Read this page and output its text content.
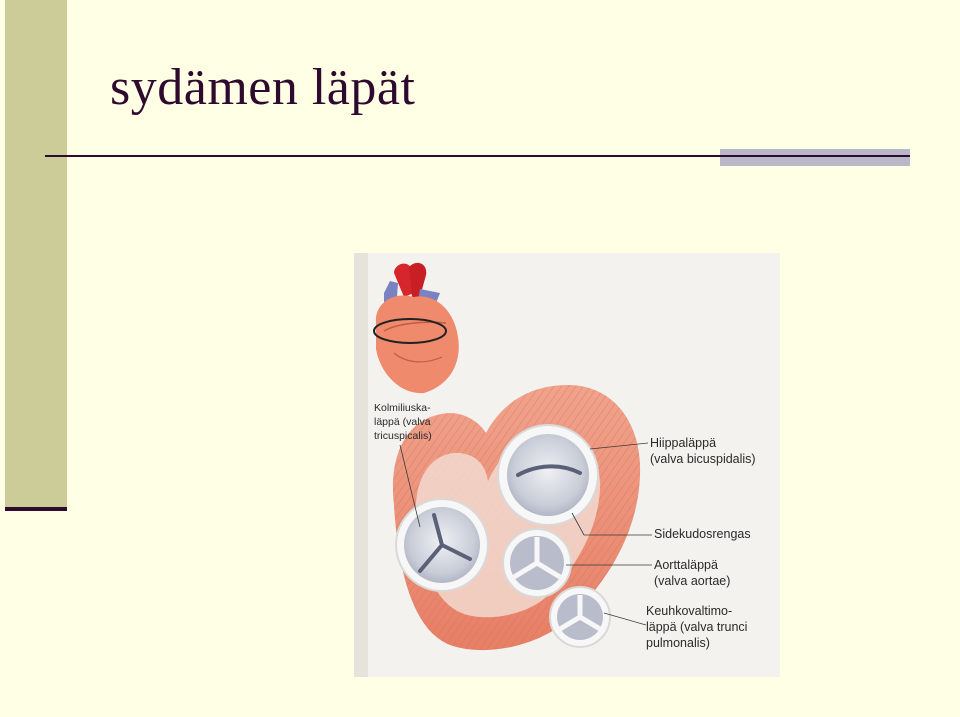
sydämen läpät
Kolmiliuska-
läppä (valva
tricuspicalis)	Hiippaläppä
(valva bicuspidalis)
Sidekudosrengas
Aorttaläppä
(valva aortae)
Keuhkovaltimo-
läppä (valva trunci
pulmonalis)
